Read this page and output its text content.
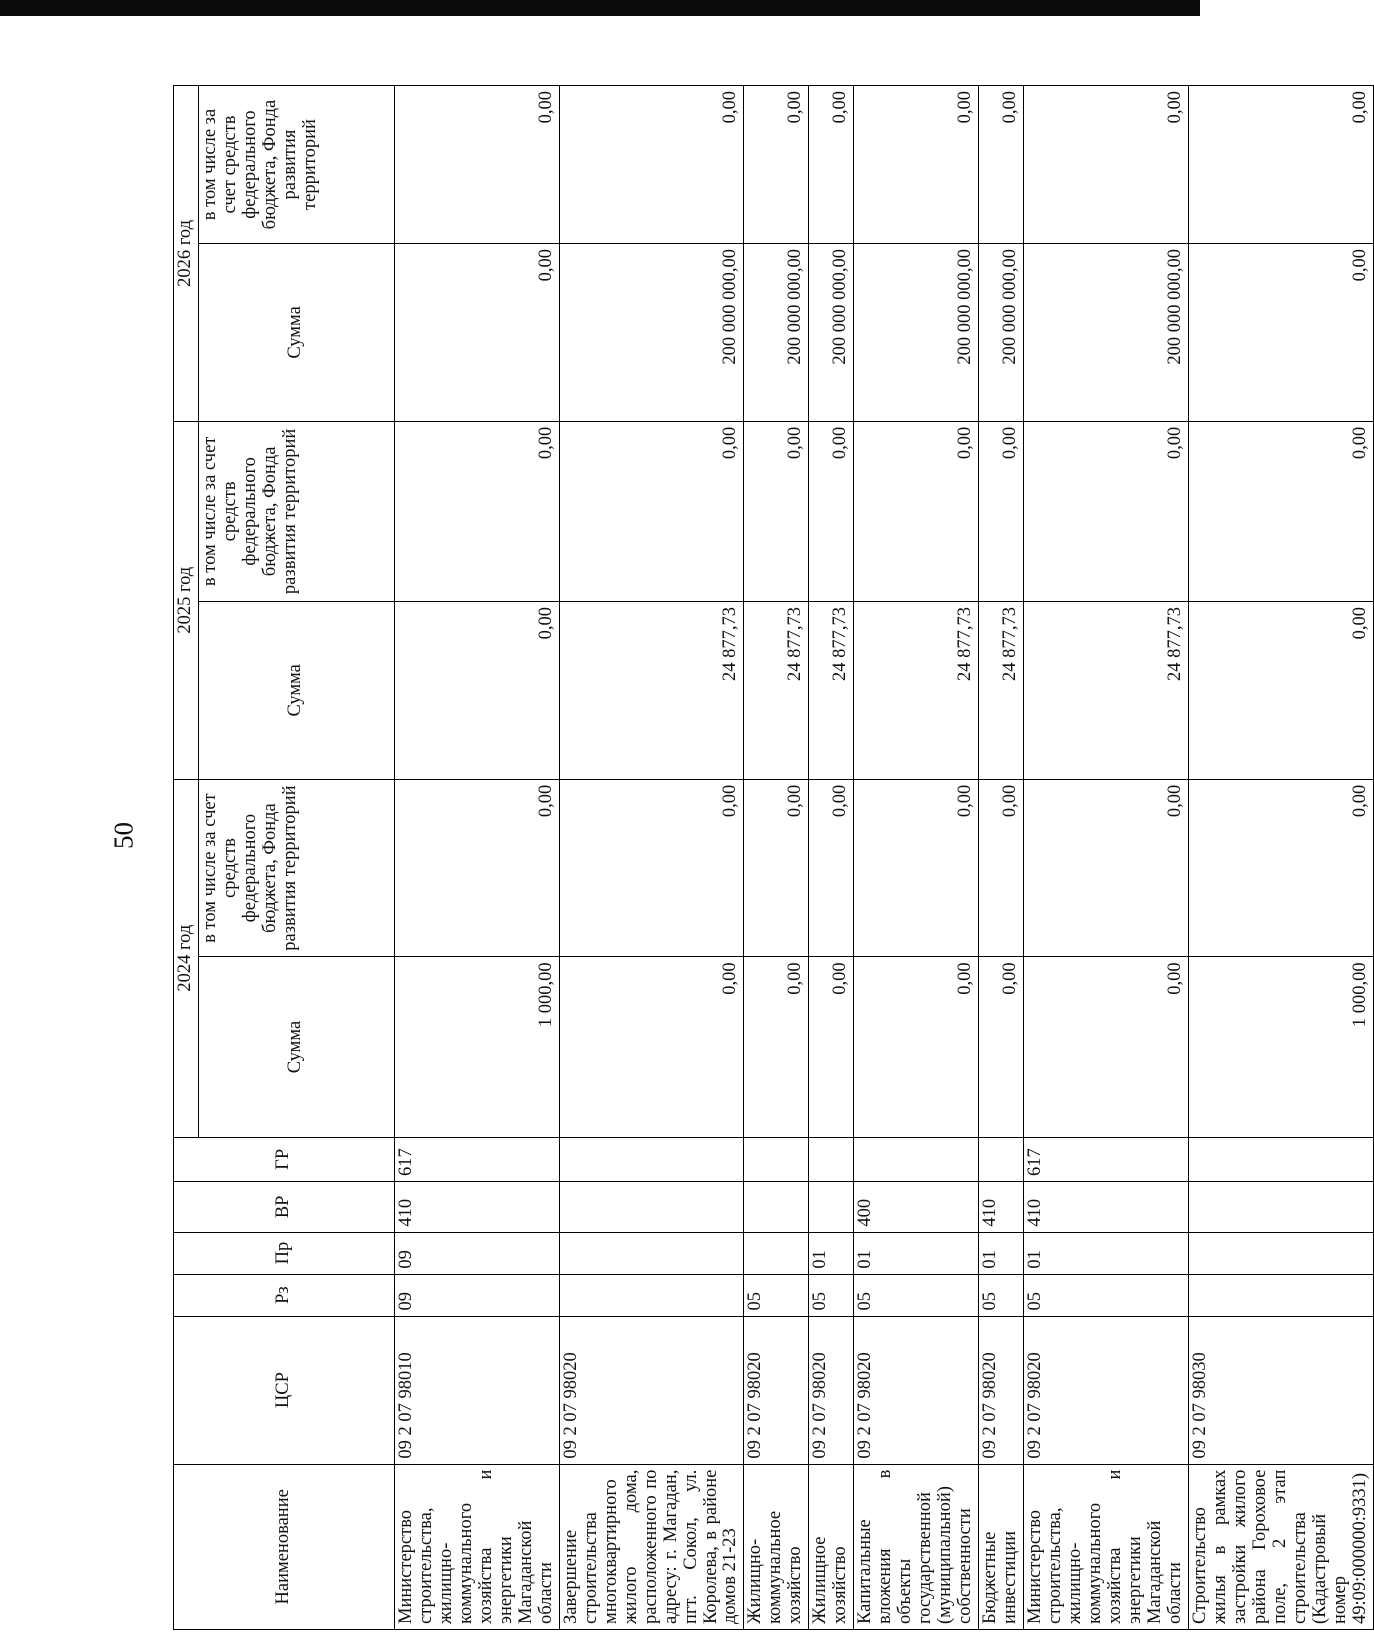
50
Наименование	ЦСР	Рз	Пр	ВР	ГР	2024 год		2025 год		2026 год	
						Сумма	в том числе за счет средств федерального бюджета, Фонда развития территорий	Сумма	в том числе за счет средств федерального бюджета, Фонда развития территорий	Сумма	в том числе за счет средств федерального бюджета, Фонда развития территорий
Министерство строительства, жилищно-коммунального хозяйства и энергетики Магаданской области	09 2 07 98010	09	09	410	617	1 000,00	0,00	0,00	0,00	0,00	0,00
Завершение строительства многоквартирного жилого дома, расположенного по адресу: г. Магадан, пгт. Сокол, ул. Королева, в районе домов 21-23	09 2 07 98020					0,00	0,00	24 877,73	0,00	200 000 000,00	0,00
Жилищно-коммунальное хозяйство	09 2 07 98020	05				0,00	0,00	24 877,73	0,00	200 000 000,00	0,00
Жилищное хозяйство	09 2 07 98020	05	01			0,00	0,00	24 877,73	0,00	200 000 000,00	0,00
Капитальные вложения в объекты государственной (муниципальной) собственности	09 2 07 98020	05	01	400		0,00	0,00	24 877,73	0,00	200 000 000,00	0,00
Бюджетные инвестиции	09 2 07 98020	05	01	410		0,00	0,00	24 877,73	0,00	200 000 000,00	0,00
Министерство строительства, жилищно-коммунального хозяйства и энергетики Магаданской области	09 2 07 98020	05	01	410	617	0,00	0,00	24 877,73	0,00	200 000 000,00	0,00
Строительство жилья в рамках застройки жилого района Гороховое поле, 2 этап строительства (Кадастровый номер 49:09:000000:9331)	09 2 07 98030					1 000,00	0,00	0,00	0,00	0,00	0,00
